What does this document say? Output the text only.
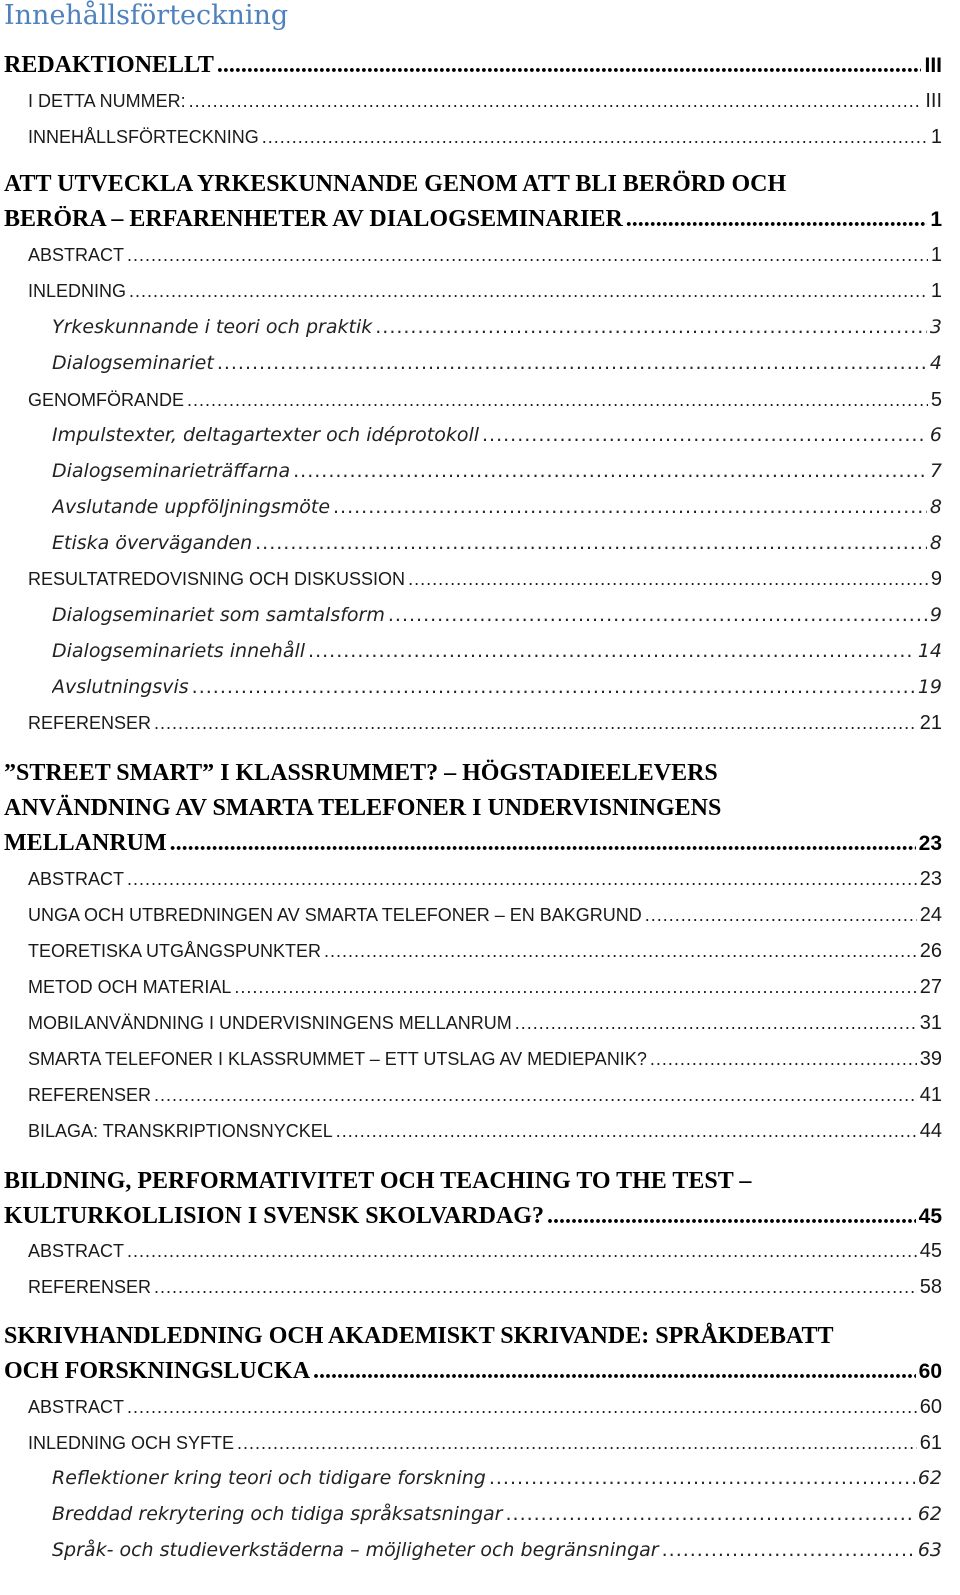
Innehållsförteckning
REDAKTIONELLT .....	III
I DETTA NUMMER: .....	III
INNEHÅLLSFÖRTECKNING .....	1
ATT UTVECKLA YRKESKUNNANDE GENOM ATT BLI BERÖRD OCH
BERÖRA – ERFARENHETER AV DIALOGSEMINARIER .....	1
ABSTRACT .....	1
INLEDNING .....	1
Yrkeskunnande i teori och praktik .....	3
Dialogseminariet .....	4
GENOMFÖRANDE .....	5
Impulstexter, deltagartexter och idéprotokoll .....	6
Dialogseminarieträffarna .....	7
Avslutande uppföljningsmöte .....	8
Etiska överväganden .....	8
RESULTATREDOVISNING OCH DISKUSSION .....	9
Dialogseminariet som samtalsform .....	9
Dialogseminariets innehåll .....	14
Avslutningsvis .....	19
REFERENSER .....	21
”STREET SMART” I KLASSRUMMET? – HÖGSTADIEELEVERS
ANVÄNDNING AV SMARTA TELEFONER I UNDERVISNINGENS
MELLANRUM .....	23
ABSTRACT .....	23
UNGA OCH UTBREDNINGEN AV SMARTA TELEFONER – EN BAKGRUND .....	24
TEORETISKA UTGÅNGSPUNKTER .....	26
METOD OCH MATERIAL .....	27
MOBILANVÄNDNING I UNDERVISNINGENS MELLANRUM .....	31
SMARTA TELEFONER I KLASSRUMMET – ETT UTSLAG AV MEDIEPANIK? .....	39
REFERENSER .....	41
BILAGA: TRANSKRIPTIONSNYCKEL .....	44
BILDNING, PERFORMATIVITET OCH TEACHING TO THE TEST –
KULTURKOLLISION I SVENSK SKOLVARDAG? .....	45
ABSTRACT .....	45
REFERENSER .....	58
SKRIVHANDLEDNING OCH AKADEMISKT SKRIVANDE: SPRÅKDEBATT
OCH FORSKNINGSLUCKA .....	60
ABSTRACT .....	60
INLEDNING OCH SYFTE .....	61
Reflektioner kring teori och tidigare forskning .....	62
Breddad rekrytering och tidiga språksatsningar .....	62
Språk- och studieverkstäderna – möjligheter och begränsningar .....	63
